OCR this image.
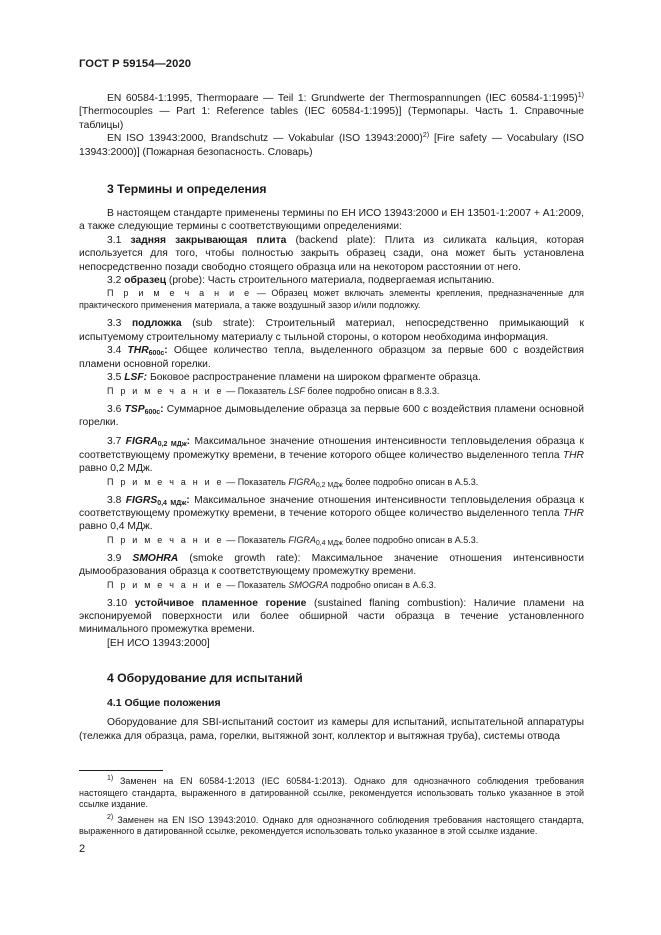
ГОСТ Р 59154—2020

EN 60584-1:1995, Thermopaare — Teil 1: Grundwerte der Thermospannungen (IEC 60584-1:1995)$^{1)}$ [Thermocouples — Part 1: Reference tables (IEC 60584-1:1995)] (Термопары. Часть 1. Справочные таблицы)

EN ISO 13943:2000, Brandschutz — Vokabular (ISO 13943:2000)$^{2)}$ [Fire safety — Vocabulary (ISO 13943:2000)] (Пожарная безопасность. Словарь)

3 Термины и определения

В настоящем стандарте применены термины по ЕН ИСО 13943:2000 и ЕН 13501-1:2007 + А1:2009, а также следующие термины с соответствующими определениями:

3.1 задняя закрывающая плита (backend plate): Плита из силиката кальция, которая используется для того, чтобы полностью закрыть образец сзади, она может быть установлена непосредственно позади свободно стоящего образца или на некотором расстоянии от него.

3.2 образец (probe): Часть строительного материала, подвергаемая испытанию.

П р и м е ч а н и е — Образец может включать элементы крепления, предназначенные для практического применения материала, а также воздушный зазор и/или подложку.

3.3 подложка (sub strate): Строительный материал, непосредственно примыкающий к испытуемому строительному материалу с тыльной стороны, о котором необходима информация.

3.4 $THR_{600c}$: Общее количество тепла, выделенного образцом за первые 600 с воздействия пламени основной горелки.

3.5 LSF: Боковое распространение пламени на широком фрагменте образца.

П р и м е ч а н и е — Показатель LSF более подробно описан в 8.3.3.

3.6 $TSP_{600c}$: Суммарное дымовыделение образца за первые 600 с воздействия пламени основной горелки.

3.7 $FIGRA_{0,2 МДж}$: Максимальное значение отношения интенсивности тепловыделения образца к соответствующему промежутку времени, в течение которого общее количество выделенного тепла THR равно 0,2 МДж.

П р и м е ч а н и е — Показатель $FIGRA_{0,2 МДж}$ более подробно описан в А.5.3.

3.8 $FIGRS_{0,4 МДж}$: Максимальное значение отношения интенсивности тепловыделения образца к соответствующему промежутку времени, в течение которого общее количество выделенного тепла THR равно 0,4 МДж.

П р и м е ч а н и е — Показатель $FIGRA_{0,4 МДж}$ более подробно описан в А.5.3.

3.9 SMOHRA (smoke growth rate): Максимальное значение отношения интенсивности дымообразования образца к соответствующему промежутку времени.

П р и м е ч а н и е — Показатель SMOGRA подробно описан в А.6.3.

3.10 устойчивое пламенное горение (sustained flaning combustion): Наличие пламени на экспонируемой поверхности или более обширной части образца в течение установленного минимального промежутка времени.

[ЕН ИСО 13943:2000]

4 Оборудование для испытаний
4.1 Общие положения

Оборудование для SBI-испытаний состоит из камеры для испытаний, испытательной аппаратуры (тележка для образца, рама, горелки, вытяжной зонт, коллектор и вытяжная труба), системы отвода

$^{1)}$ Заменен на EN 60584-1:2013 (IEC 60584-1:2013). Однако для однозначного соблюдения требования настоящего стандарта, выраженного в датированной ссылке, рекомендуется использовать только указанное в этой ссылке издание.

$^{2)}$ Заменен на EN ISO 13943:2010. Однако для однозначного соблюдения требования настоящего стандарта, выраженного в датированной ссылке, рекомендуется использовать только указанное в этой ссылке издание.

2
